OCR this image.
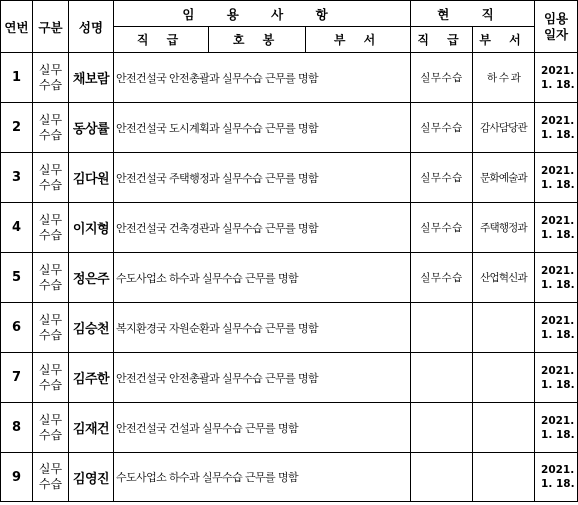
연번	구분	성명	임 용 사 항			현 직		임용
일자
			직 급	호 봉	부 서	직 급	부 서	
1	실무
수습	채보람	안전건설국 안전총괄과 실무수습 근무를 명함			실무수습	하 수 과	2021.
1. 18.
2	실무
수습	동상률	안전건설국 도시계획과 실무수습 근무를 명함			실무수습	감사담당관	2021.
1. 18.
3	실무
수습	김다원	안전건설국 주택행정과 실무수습 근무를 명함			실무수습	문화예술과	2021.
1. 18.
4	실무
수습	이지형	안전건설국 건축경관과 실무수습 근무를 명함			실무수습	주택행정과	2021.
1. 18.
5	실무
수습	정은주	수도사업소 하수과 실무수습 근무를 명함			실무수습	산업혁신과	2021.
1. 18.
6	실무
수습	김승천	복지환경국 자원순환과 실무수습 근무를 명함					2021.
1. 18.
7	실무
수습	김주한	안전건설국 안전총괄과 실무수습 근무를 명함					2021.
1. 18.
8	실무
수습	김재건	안전건설국 건설과 실무수습 근무를 명함					2021.
1. 18.
9	실무
수습	김영진	수도사업소 하수과 실무수습 근무를 명함					2021.
1. 18.
